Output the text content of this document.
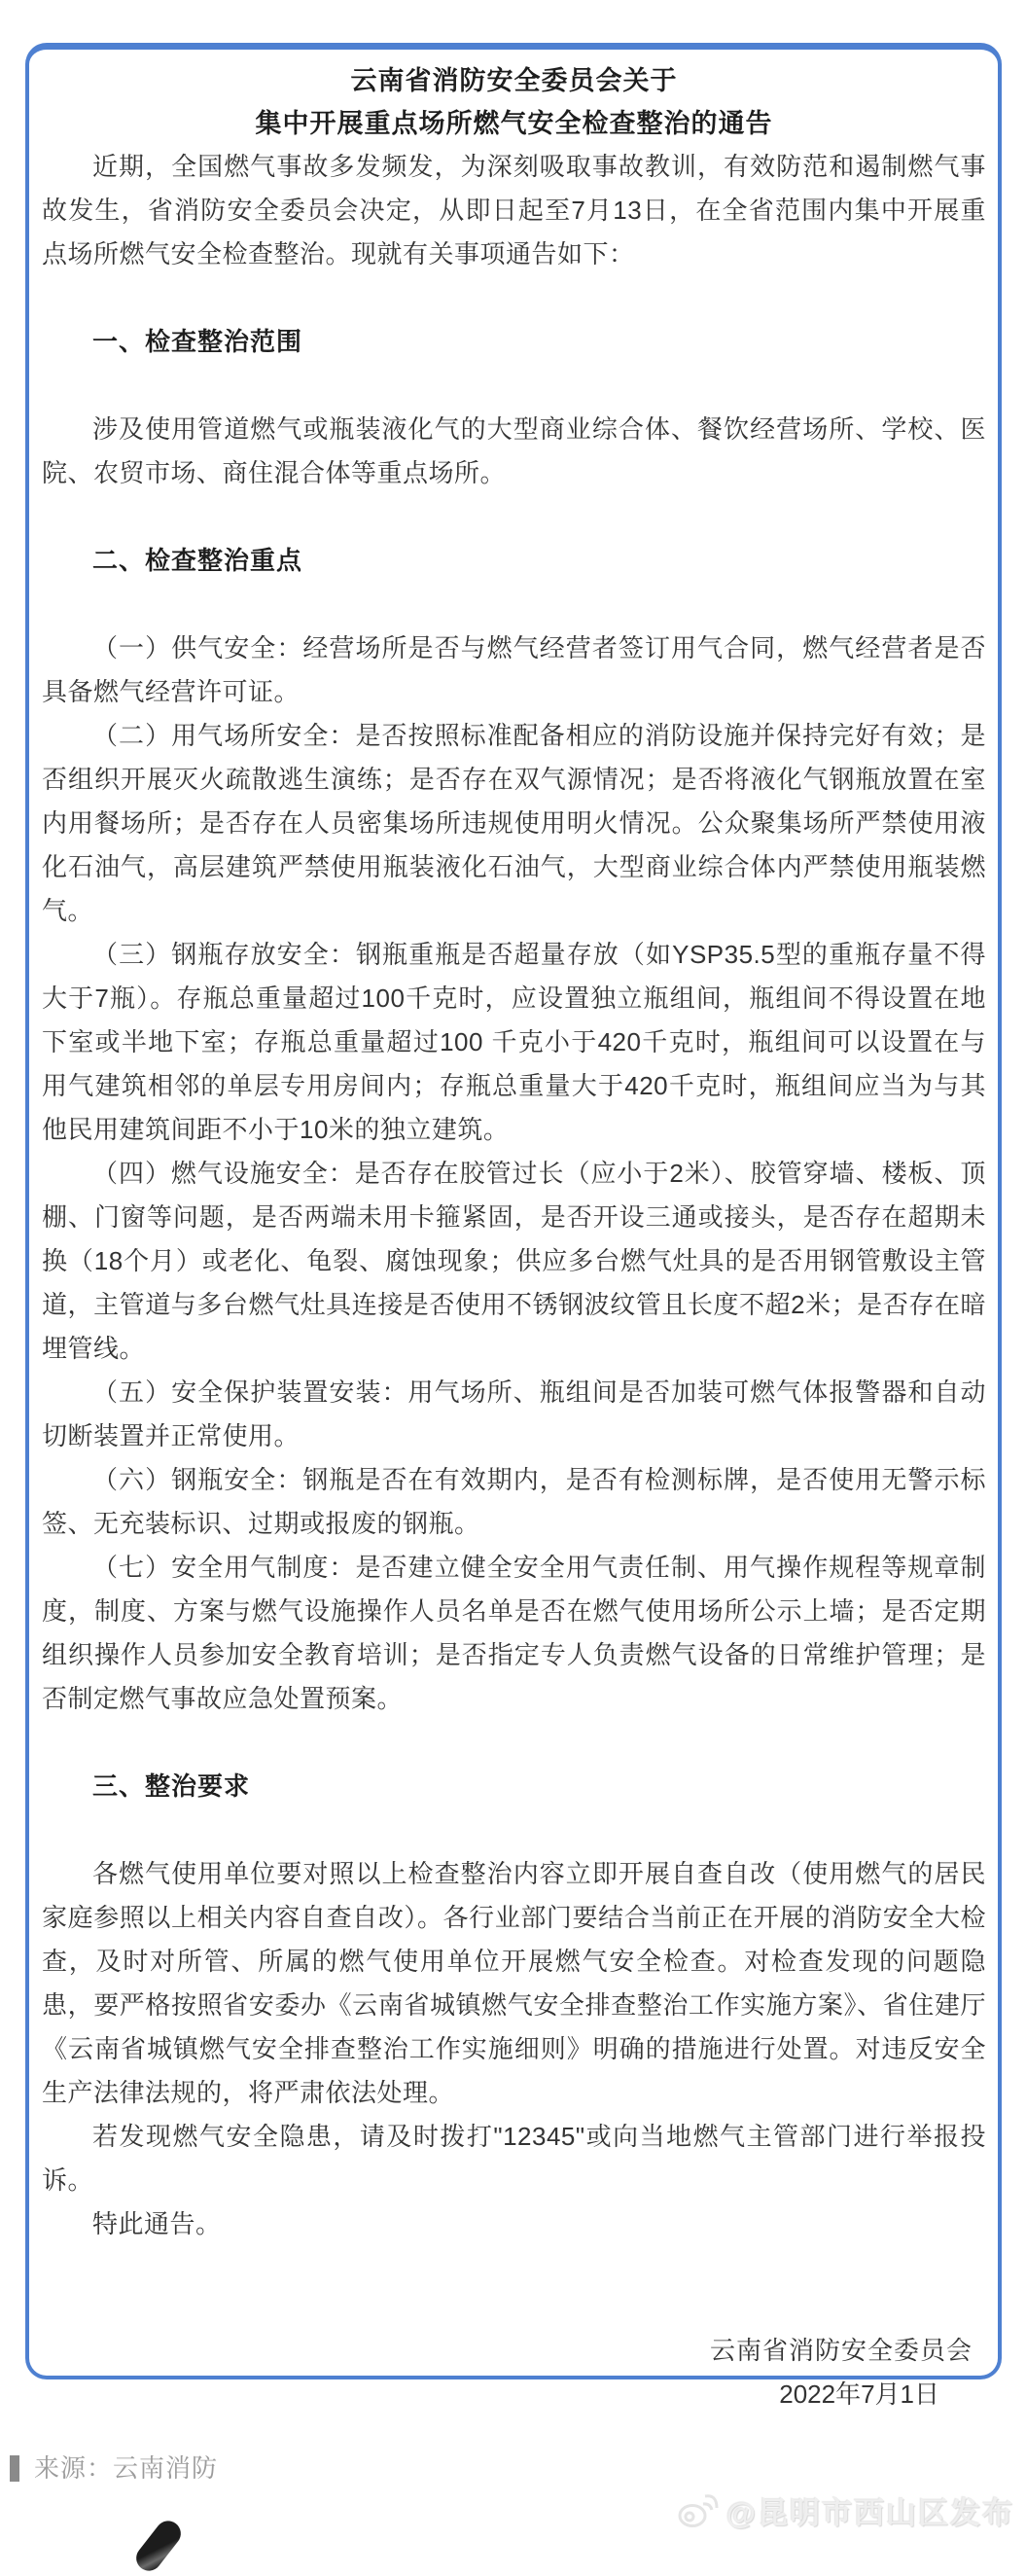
云南省消防安全委员会关于
集中开展重点场所燃气安全检查整治的通告

近期，全国燃气事故多发频发，为深刻吸取事故教训，有效防范和遏制燃气事故发生，省消防安全委员会决定，从即日起至7月13日，在全省范围内集中开展重点场所燃气安全检查整治。现就有关事项通告如下：

一、检查整治范围

涉及使用管道燃气或瓶装液化气的大型商业综合体、餐饮经营场所、学校、医院、农贸市场、商住混合体等重点场所。

二、检查整治重点

（一）供气安全：经营场所是否与燃气经营者签订用气合同，燃气经营者是否具备燃气经营许可证。

（二）用气场所安全：是否按照标准配备相应的消防设施并保持完好有效；是否组织开展灭火疏散逃生演练；是否存在双气源情况；是否将液化气钢瓶放置在室内用餐场所；是否存在人员密集场所违规使用明火情况。公众聚集场所严禁使用液化石油气，高层建筑严禁使用瓶装液化石油气，大型商业综合体内严禁使用瓶装燃气。

（三）钢瓶存放安全：钢瓶重瓶是否超量存放（如YSP35.5型的重瓶存量不得大于7瓶）。存瓶总重量超过100千克时，应设置独立瓶组间，瓶组间不得设置在地下室或半地下室；存瓶总重量超过100 千克小于420千克时，瓶组间可以设置在与用气建筑相邻的单层专用房间内；存瓶总重量大于420千克时，瓶组间应当为与其他民用建筑间距不小于10米的独立建筑。

（四）燃气设施安全：是否存在胶管过长（应小于2米）、胶管穿墙、楼板、顶棚、门窗等问题，是否两端未用卡箍紧固，是否开设三通或接头，是否存在超期未换（18个月）或老化、龟裂、腐蚀现象；供应多台燃气灶具的是否用钢管敷设主管道，主管道与多台燃气灶具连接是否使用不锈钢波纹管且长度不超2米；是否存在暗埋管线。

（五）安全保护装置安装：用气场所、瓶组间是否加装可燃气体报警器和自动切断装置并正常使用。

（六）钢瓶安全：钢瓶是否在有效期内，是否有检测标牌，是否使用无警示标签、无充装标识、过期或报废的钢瓶。

（七）安全用气制度：是否建立健全安全用气责任制、用气操作规程等规章制度，制度、方案与燃气设施操作人员名单是否在燃气使用场所公示上墙；是否定期组织操作人员参加安全教育培训；是否指定专人负责燃气设备的日常维护管理；是否制定燃气事故应急处置预案。

三、整治要求

各燃气使用单位要对照以上检查整治内容立即开展自查自改（使用燃气的居民家庭参照以上相关内容自查自改）。各行业部门要结合当前正在开展的消防安全大检查，及时对所管、所属的燃气使用单位开展燃气安全检查。对检查发现的问题隐患，要严格按照省安委办《云南省城镇燃气安全排查整治工作实施方案》、省住建厅《云南省城镇燃气安全排查整治工作实施细则》明确的措施进行处置。对违反安全生产法律法规的，将严肃依法处理。

若发现燃气安全隐患，请及时拨打"12345"或向当地燃气主管部门进行举报投诉。

特此通告。

云南省消防安全委员会
2022年7月1日
来源：云南消防
@昆明市西山区发布
